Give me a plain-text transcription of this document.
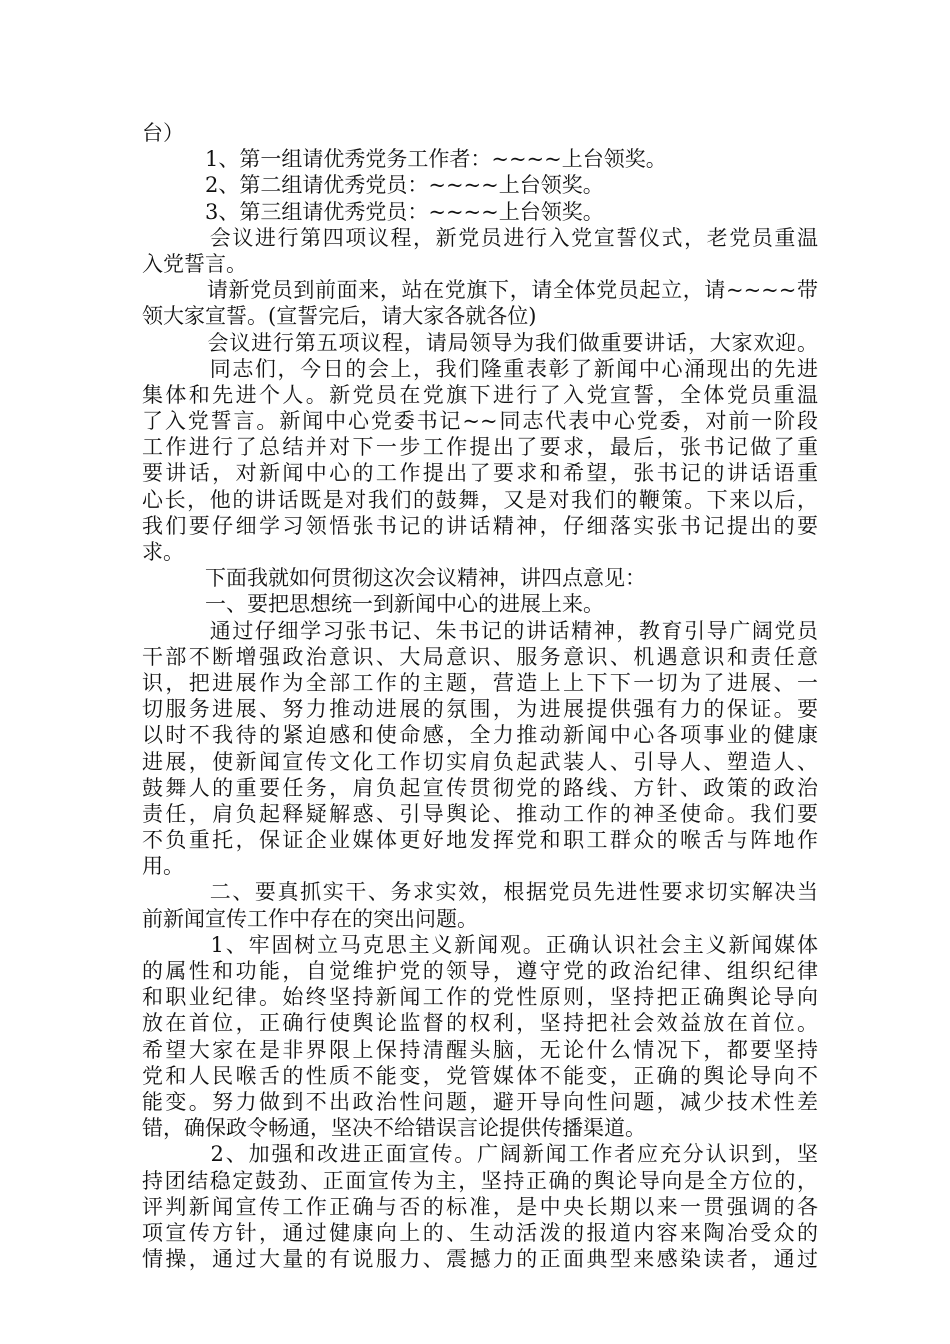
台）
　　　1、第一组请优秀党务工作者：~~~~上台领奖。
　　　2、第二组请优秀党员：~~~~上台领奖。
　　　3、第三组请优秀党员：~~~~上台领奖。
　　　会议进行第四项议程，新党员进行入党宣誓仪式，老党员重温
入党誓言。
　　　请新党员到前面来，站在党旗下，请全体党员起立，请~~~~带
领大家宣誓。(宣誓完后，请大家各就各位)
　　　会议进行第五项议程，请局领导为我们做重要讲话，大家欢迎。
　　　同志们，今日的会上，我们隆重表彰了新闻中心涌现出的先进
集体和先进个人。新党员在党旗下进行了入党宣誓，全体党员重温
了入党誓言。新闻中心党委书记~~同志代表中心党委，对前一阶段
工作进行了总结并对下一步工作提出了要求，最后，张书记做了重
要讲话，对新闻中心的工作提出了要求和希望，张书记的讲话语重
心长，他的讲话既是对我们的鼓舞，又是对我们的鞭策。下来以后，
我们要仔细学习领悟张书记的讲话精神，仔细落实张书记提出的要
求。
　　　下面我就如何贯彻这次会议精神，讲四点意见：
　　　一、要把思想统一到新闻中心的进展上来。
　　　通过仔细学习张书记、朱书记的讲话精神，教育引导广阔党员
干部不断增强政治意识、大局意识、服务意识、机遇意识和责任意
识，把进展作为全部工作的主题，营造上上下下一切为了进展、一
切服务进展、努力推动进展的氛围，为进展提供强有力的保证。要
以时不我待的紧迫感和使命感，全力推动新闻中心各项事业的健康
进展，使新闻宣传文化工作切实肩负起武装人、引导人、塑造人、
鼓舞人的重要任务，肩负起宣传贯彻党的路线、方针、政策的政治
责任，肩负起释疑解惑、引导舆论、推动工作的神圣使命。我们要
不负重托，保证企业媒体更好地发挥党和职工群众的喉舌与阵地作
用。
　　　二、要真抓实干、务求实效，根据党员先进性要求切实解决当
前新闻宣传工作中存在的突出问题。
　　　1、牢固树立马克思主义新闻观。正确认识社会主义新闻媒体
的属性和功能，自觉维护党的领导，遵守党的政治纪律、组织纪律
和职业纪律。始终坚持新闻工作的党性原则，坚持把正确舆论导向
放在首位，正确行使舆论监督的权利，坚持把社会效益放在首位。
希望大家在是非界限上保持清醒头脑，无论什么情况下，都要坚持
党和人民喉舌的性质不能变，党管媒体不能变，正确的舆论导向不
能变。努力做到不出政治性问题，避开导向性问题，减少技术性差
错，确保政令畅通，坚决不给错误言论提供传播渠道。
　　　2、加强和改进正面宣传。广阔新闻工作者应充分认识到，坚
持团结稳定鼓劲、正面宣传为主，坚持正确的舆论导向是全方位的，
评判新闻宣传工作正确与否的标准，是中央长期以来一贯强调的各
项宣传方针，通过健康向上的、生动活泼的报道内容来陶冶受众的
情操，通过大量的有说服力、震撼力的正面典型来感染读者，通过
